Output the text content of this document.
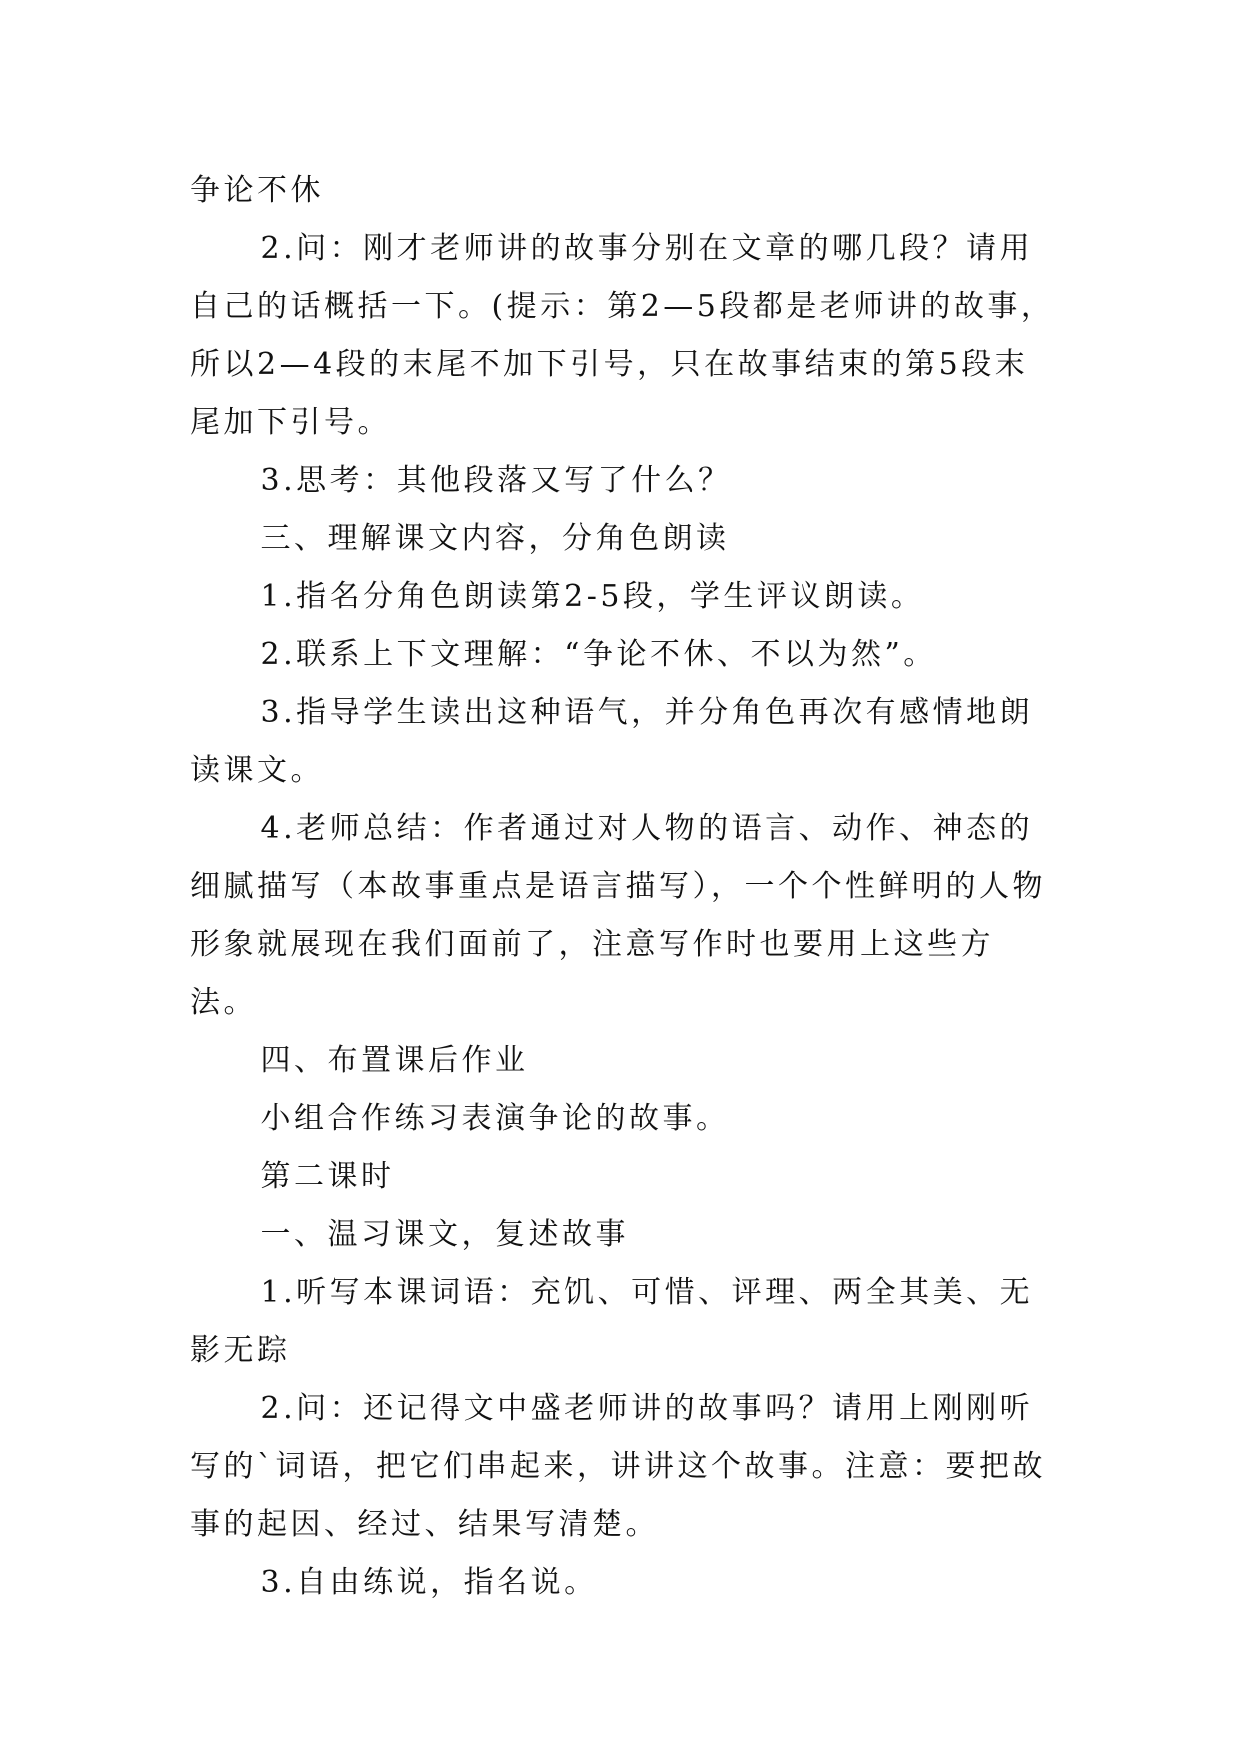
争论不休

2.问：刚才老师讲的故事分别在文章的哪几段？请用自己的话概括一下。(提示：第2—5段都是老师讲的故事，所以2—4段的末尾不加下引号，只在故事结束的第5段末尾加下引号。

3.思考：其他段落又写了什么？

三、理解课文内容，分角色朗读

1.指名分角色朗读第2-5段，学生评议朗读。

2.联系上下文理解：“争论不休、不以为然”。

3.指导学生读出这种语气，并分角色再次有感情地朗读课文。

4.老师总结：作者通过对人物的语言、动作、神态的细腻描写（本故事重点是语言描写），一个个性鲜明的人物形象就展现在我们面前了，注意写作时也要用上这些方法。

四、布置课后作业

小组合作练习表演争论的故事。

第二课时

一、温习课文，复述故事

1.听写本课词语：充饥、可惜、评理、两全其美、无影无踪

2.问：还记得文中盛老师讲的故事吗？请用上刚刚听写的`词语，把它们串起来，讲讲这个故事。注意：要把故事的起因、经过、结果写清楚。

3.自由练说，指名说。
